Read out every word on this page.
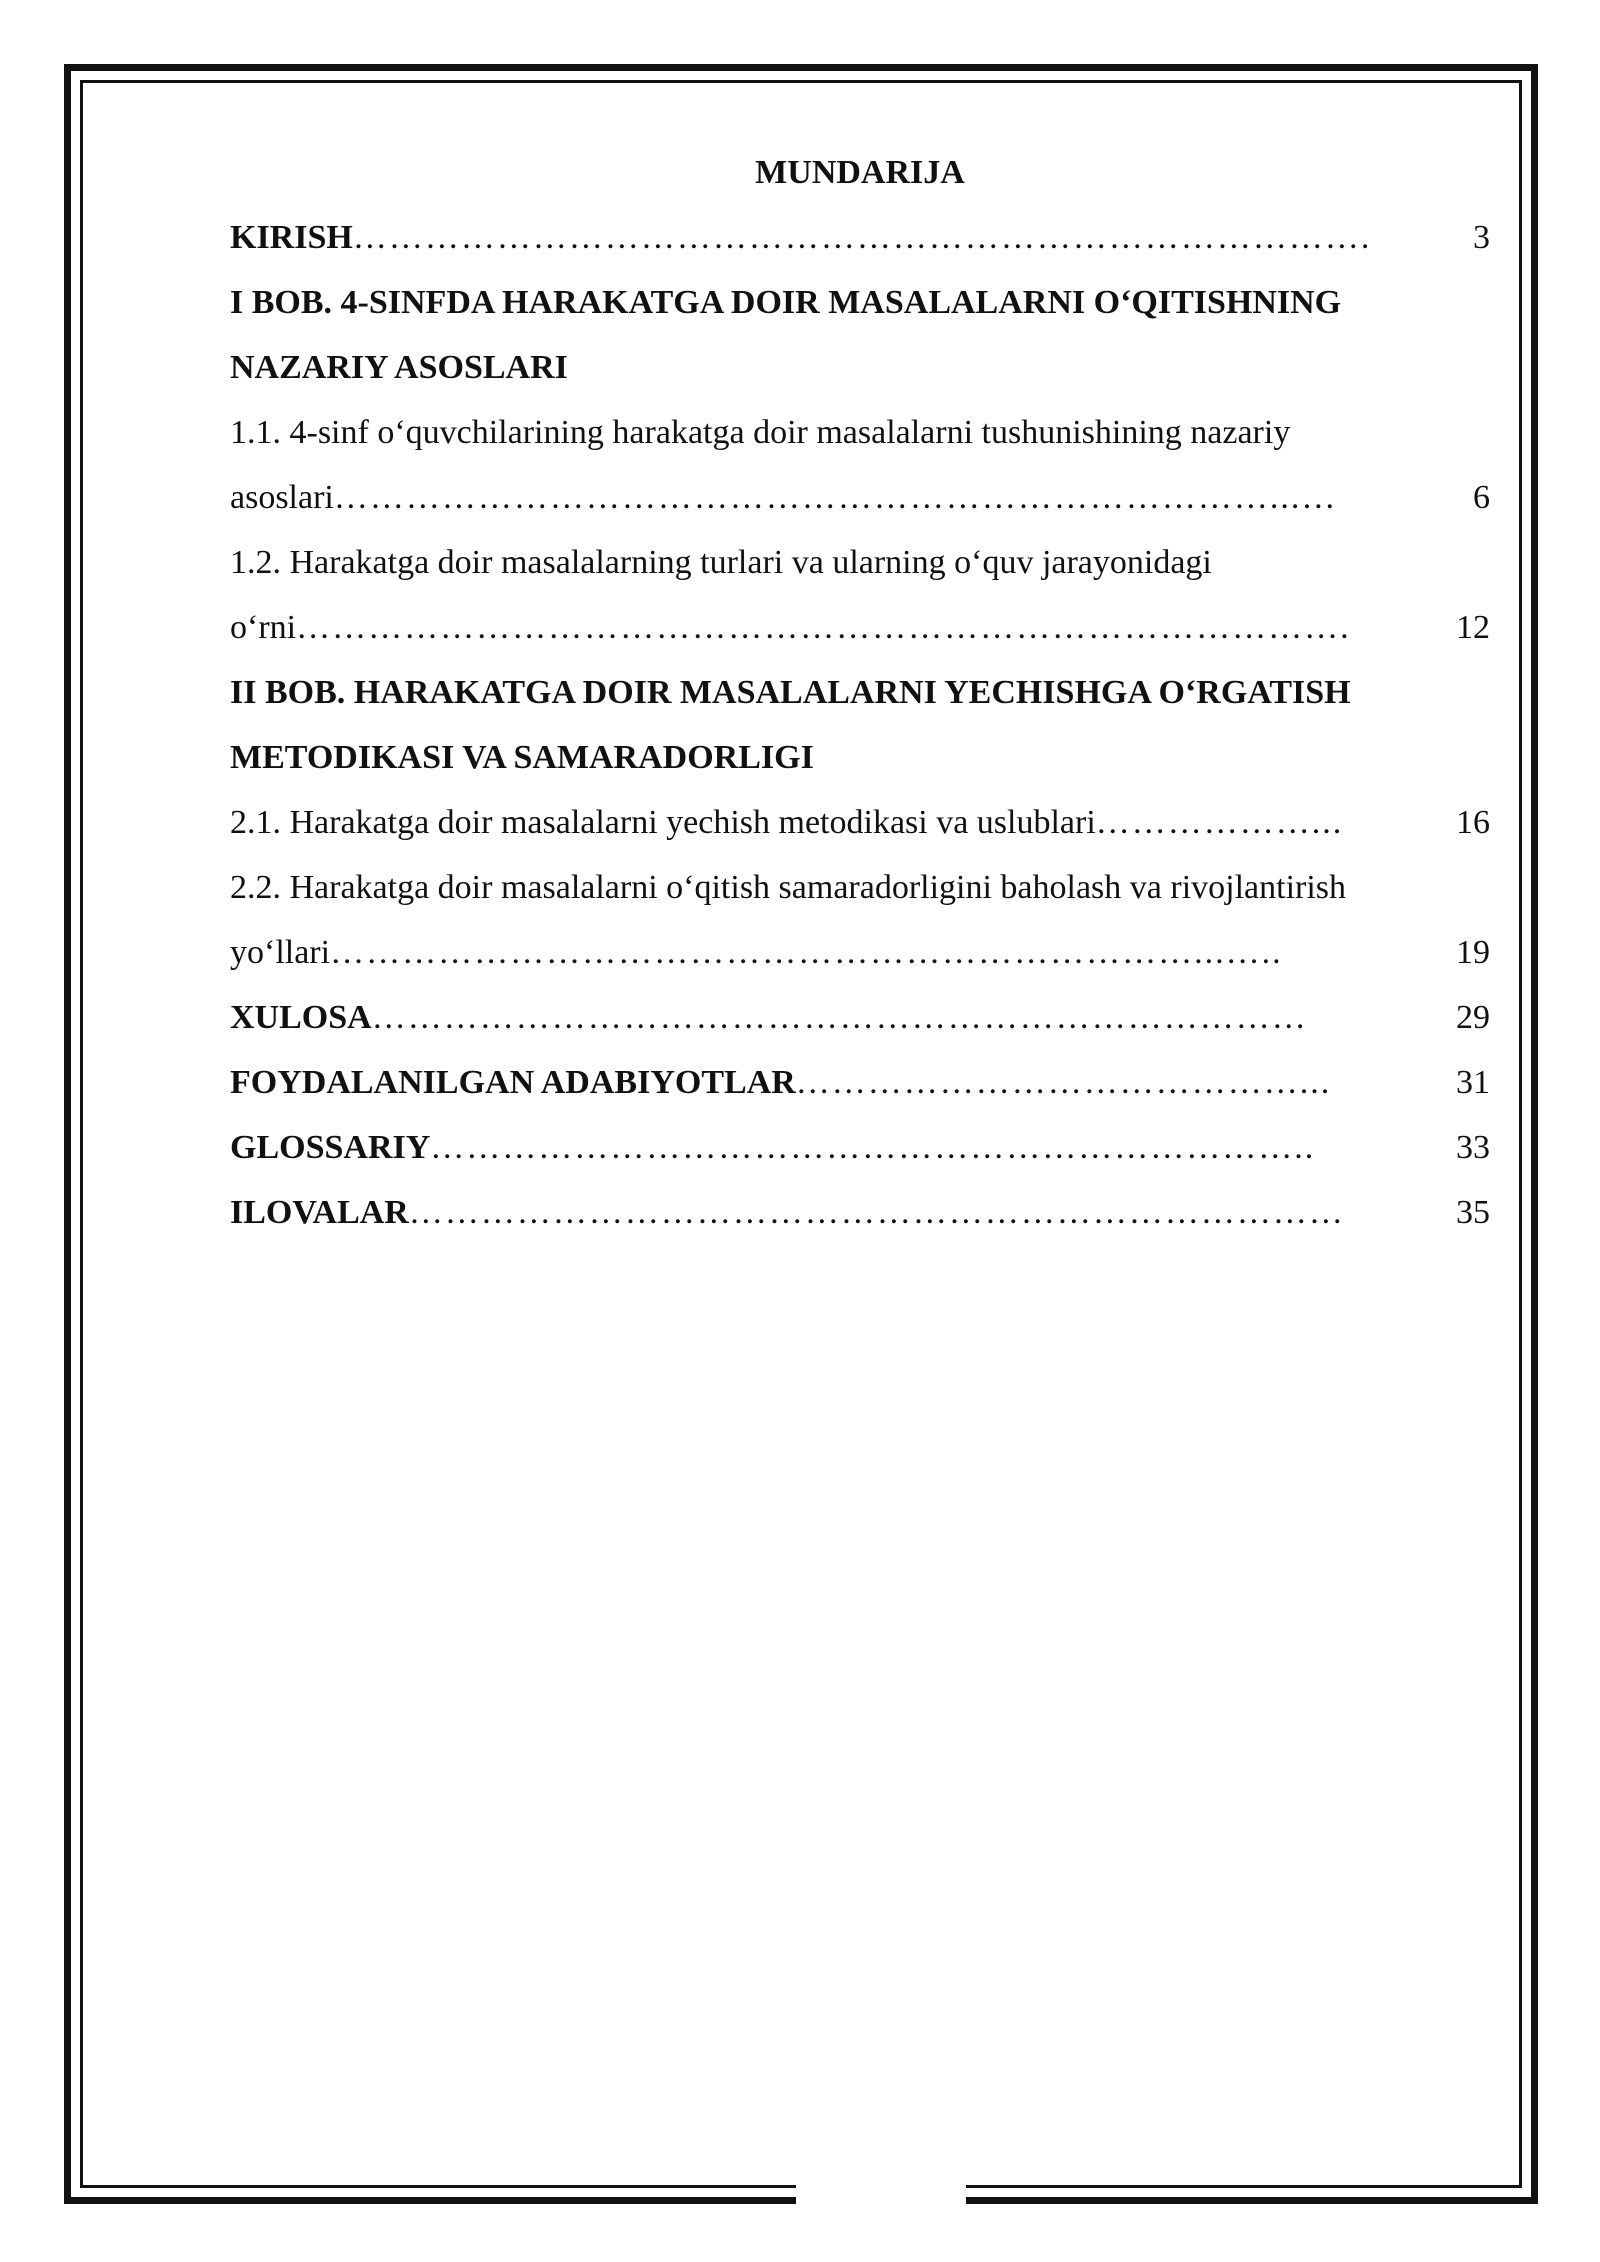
MUNDARIJA
KIRISH ………………………………………………………………………….	3
I BOB. 4-SINFDA HARAKATGA DOIR MASALALARNI O‘QITISHNING
NAZARIY ASOSLARI
1.1. 4-sinf o‘quvchilarining harakatga doir masalalarni tushunishining nazariy
asoslari ……………………………………………………………………...…	6
1.2. Harakatga doir masalalarning turlari va ularning o‘quv jarayonidagi
o‘rni …………………………………………………………………………….	12
II BOB. HARAKATGA DOIR MASALALARNI YECHISHGA O‘RGATISH
METODIKASI VA SAMARADORLIGI
2.1. Harakatga doir masalalarni yechish metodikasi va uslublari ………………...	16
2.2. Harakatga doir masalalarni o‘qitish samaradorligini baholash va rivojlantirish
yo‘llari ………………………………………………………………...…..	19
XULOSA ……………………………………………………………………	29
FOYDALANILGAN ADABIYOTLAR ……………………………………...	31
GLOSSARIY ………………………………………………………………..	33
ILOVALAR ……………………………………………………………………	35
